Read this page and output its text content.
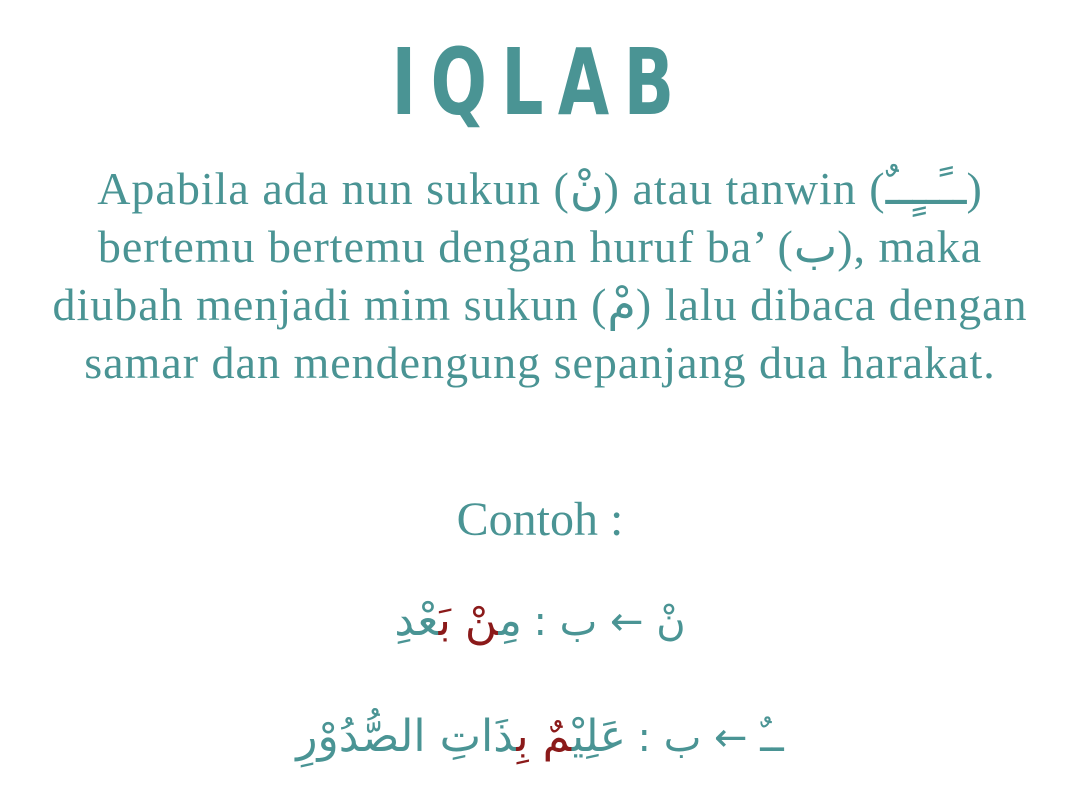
IQLAB
Apabila ada nun sukun (نْ) atau tanwin (ــًــٍــٌ)
bertemu bertemu dengan huruf ba’ (ب), maka
diubah menjadi mim sukun (مْ) lalu dibaca dengan
samar dan mendengung sepanjang dua harakat.
Contoh :
مِنْ بَعْدِ : نْ ← ب
عَلِيْمٌ بِذَاتِ الصُّدُوْرِ	: ــٌ ← ب
